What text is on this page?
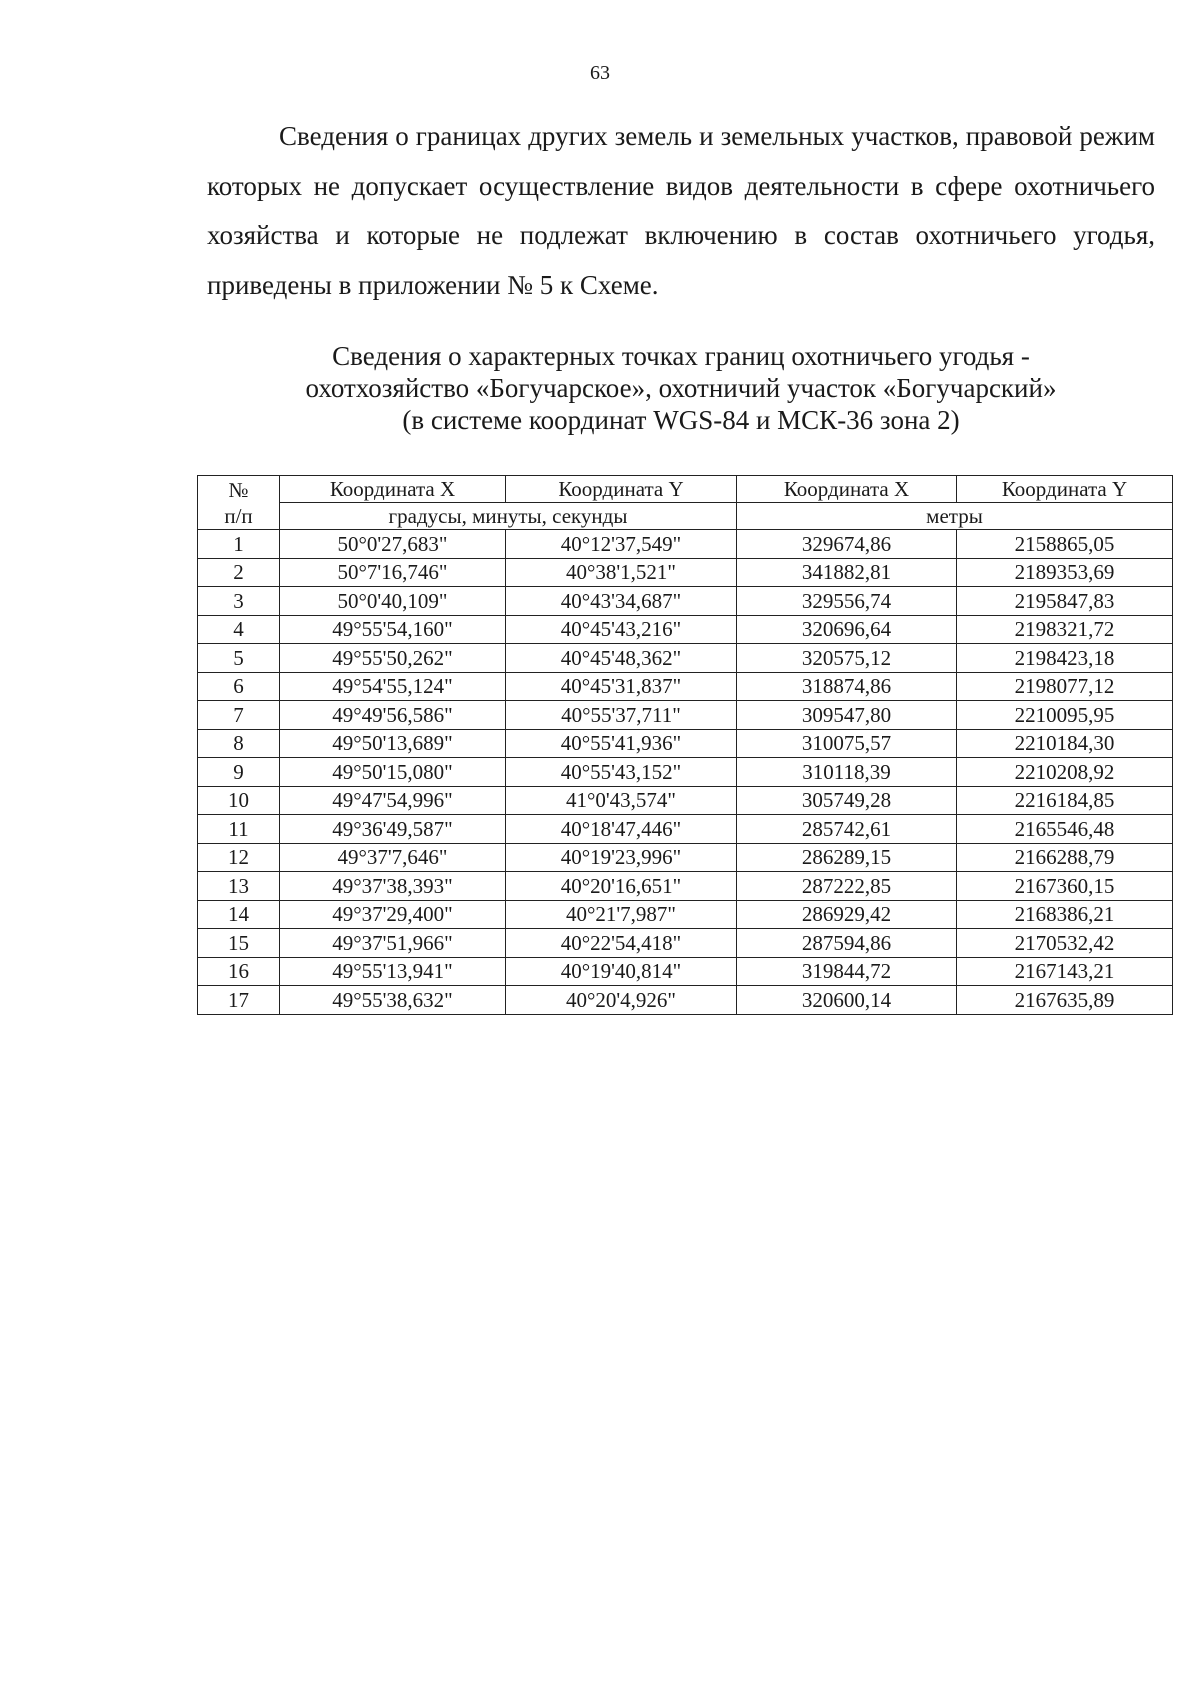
63

Сведения о границах других земель и земельных участков, правовой режим которых не допускает осуществление видов деятельности в сфере охотничьего хозяйства и которые не подлежат включению в состав охотничьего угодья, приведены в приложении № 5 к Схеме.

Сведения о характерных точках границ охотничьего угодья -
охотхозяйство «Богучарское», охотничий участок «Богучарский»
(в системе координат WGS-84 и МСК-36 зона 2)
№
п/п	Координата X	Координата Y	Координата X	Координата Y
	градусы, минуты, секунды		метры	
1	50°0'27,683"	40°12'37,549"	329674,86	2158865,05
2	50°7'16,746"	40°38'1,521"	341882,81	2189353,69
3	50°0'40,109"	40°43'34,687"	329556,74	2195847,83
4	49°55'54,160"	40°45'43,216"	320696,64	2198321,72
5	49°55'50,262"	40°45'48,362"	320575,12	2198423,18
6	49°54'55,124"	40°45'31,837"	318874,86	2198077,12
7	49°49'56,586"	40°55'37,711"	309547,80	2210095,95
8	49°50'13,689"	40°55'41,936"	310075,57	2210184,30
9	49°50'15,080"	40°55'43,152"	310118,39	2210208,92
10	49°47'54,996"	41°0'43,574"	305749,28	2216184,85
11	49°36'49,587"	40°18'47,446"	285742,61	2165546,48
12	49°37'7,646"	40°19'23,996"	286289,15	2166288,79
13	49°37'38,393"	40°20'16,651"	287222,85	2167360,15
14	49°37'29,400"	40°21'7,987"	286929,42	2168386,21
15	49°37'51,966"	40°22'54,418"	287594,86	2170532,42
16	49°55'13,941"	40°19'40,814"	319844,72	2167143,21
17	49°55'38,632"	40°20'4,926"	320600,14	2167635,89
